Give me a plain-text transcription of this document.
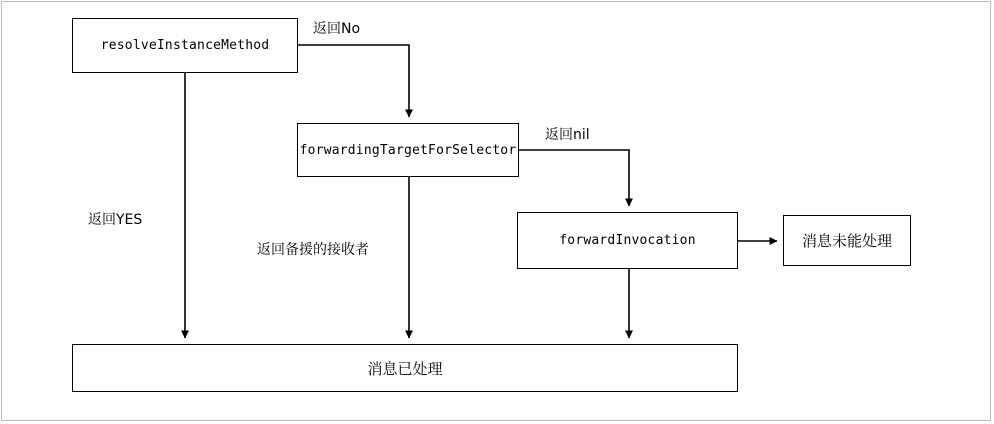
resolveInstanceMethod
forwardingTargetForSelector
forwardInvocation	消息未能处理
消息已处理
返回No
返回nil
返回YES
返回备援的接收者
